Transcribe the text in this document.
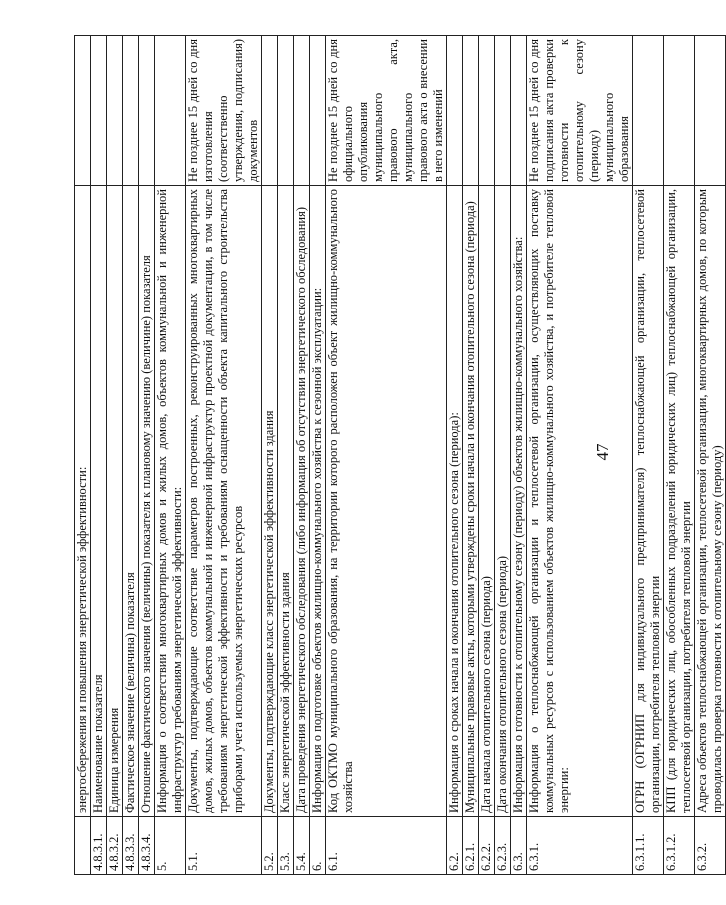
47
	энергосбережения и повышения энергетической эффективности:	
4.8.3.1.	Наименование показателя	
4.8.3.2.	Единица измерения	
4.8.3.3.	Фактическое значение (величина) показателя	
4.8.3.4.	Отношение фактического значения (величины) показателя к плановому значению (величине) показателя	
5.	Информация о соответствии многоквартирных домов и жилых домов, объектов коммунальной и инженерной инфраструктур требованиям энергетической эффективности:	
5.1.	Документы, подтверждающие соответствие параметров построенных, реконструированных многоквартирных домов, жилых домов, объектов коммунальной и инженерной инфраструктур проектной документации, в том числе требованиям энергетической эффективности и требованиям оснащенности объекта капитального строительства приборами учета используемых энергетических ресурсов	Не позднее 15 дней со дня изготовления (соответственно утверждения, подписания) документов
5.2.	Документы, подтверждающие класс энергетической эффективности здания	
5.3.	Класс энергетической эффективности здания	
5.4.	Дата проведения энергетического обследования (либо информация об отсутствии энергетического обследования)	
6.	Информация о подготовке объектов жилищно-коммунального хозяйства к сезонной эксплуатации:	
6.1.	Код ОКТМО муниципального образования, на территории которого расположен объект жилищно-коммунального хозяйства	Не позднее 15 дней со дня официального опубликования муниципального правового акта, муниципального правового акта о внесении в него изменений
6.2.	Информация о сроках начала и окончания отопительного сезона (периода):	
6.2.1.	Муниципальные правовые акты, которыми утверждены сроки начала и окончания отопительного сезона (периода)	
6.2.2.	Дата начала отопительного сезона (периода)	
6.2.3.	Дата окончания отопительного сезона (периода)	
6.3.	Информация о готовности к отопительному сезону (периоду) объектов жилищно-коммунального хозяйства:	
6.3.1.	Информация о теплоснабжающей организации и теплосетевой организации, осуществляющих поставку коммунальных ресурсов с использованием объектов жилищно-коммунального хозяйства, и потребителе тепловой энергии:	Не позднее 15 дней со дня подписания акта проверки готовности к отопительному сезону (периоду) муниципального образования
6.3.1.1.	ОГРН (ОГРНИП для индивидуального предпринимателя) теплоснабжающей организации, теплосетевой организации, потребителя тепловой энергии	
6.3.1.2.	КПП (для юридических лиц, обособленных подразделений юридических лиц) теплоснабжающей организации, теплосетевой организации, потребителя тепловой энергии	
6.3.2.	Адреса объектов теплоснабжающей организации, теплосетевой организации, многоквартирных домов, по которым проводилась проверка готовности к отопительному сезону (периоду)	
